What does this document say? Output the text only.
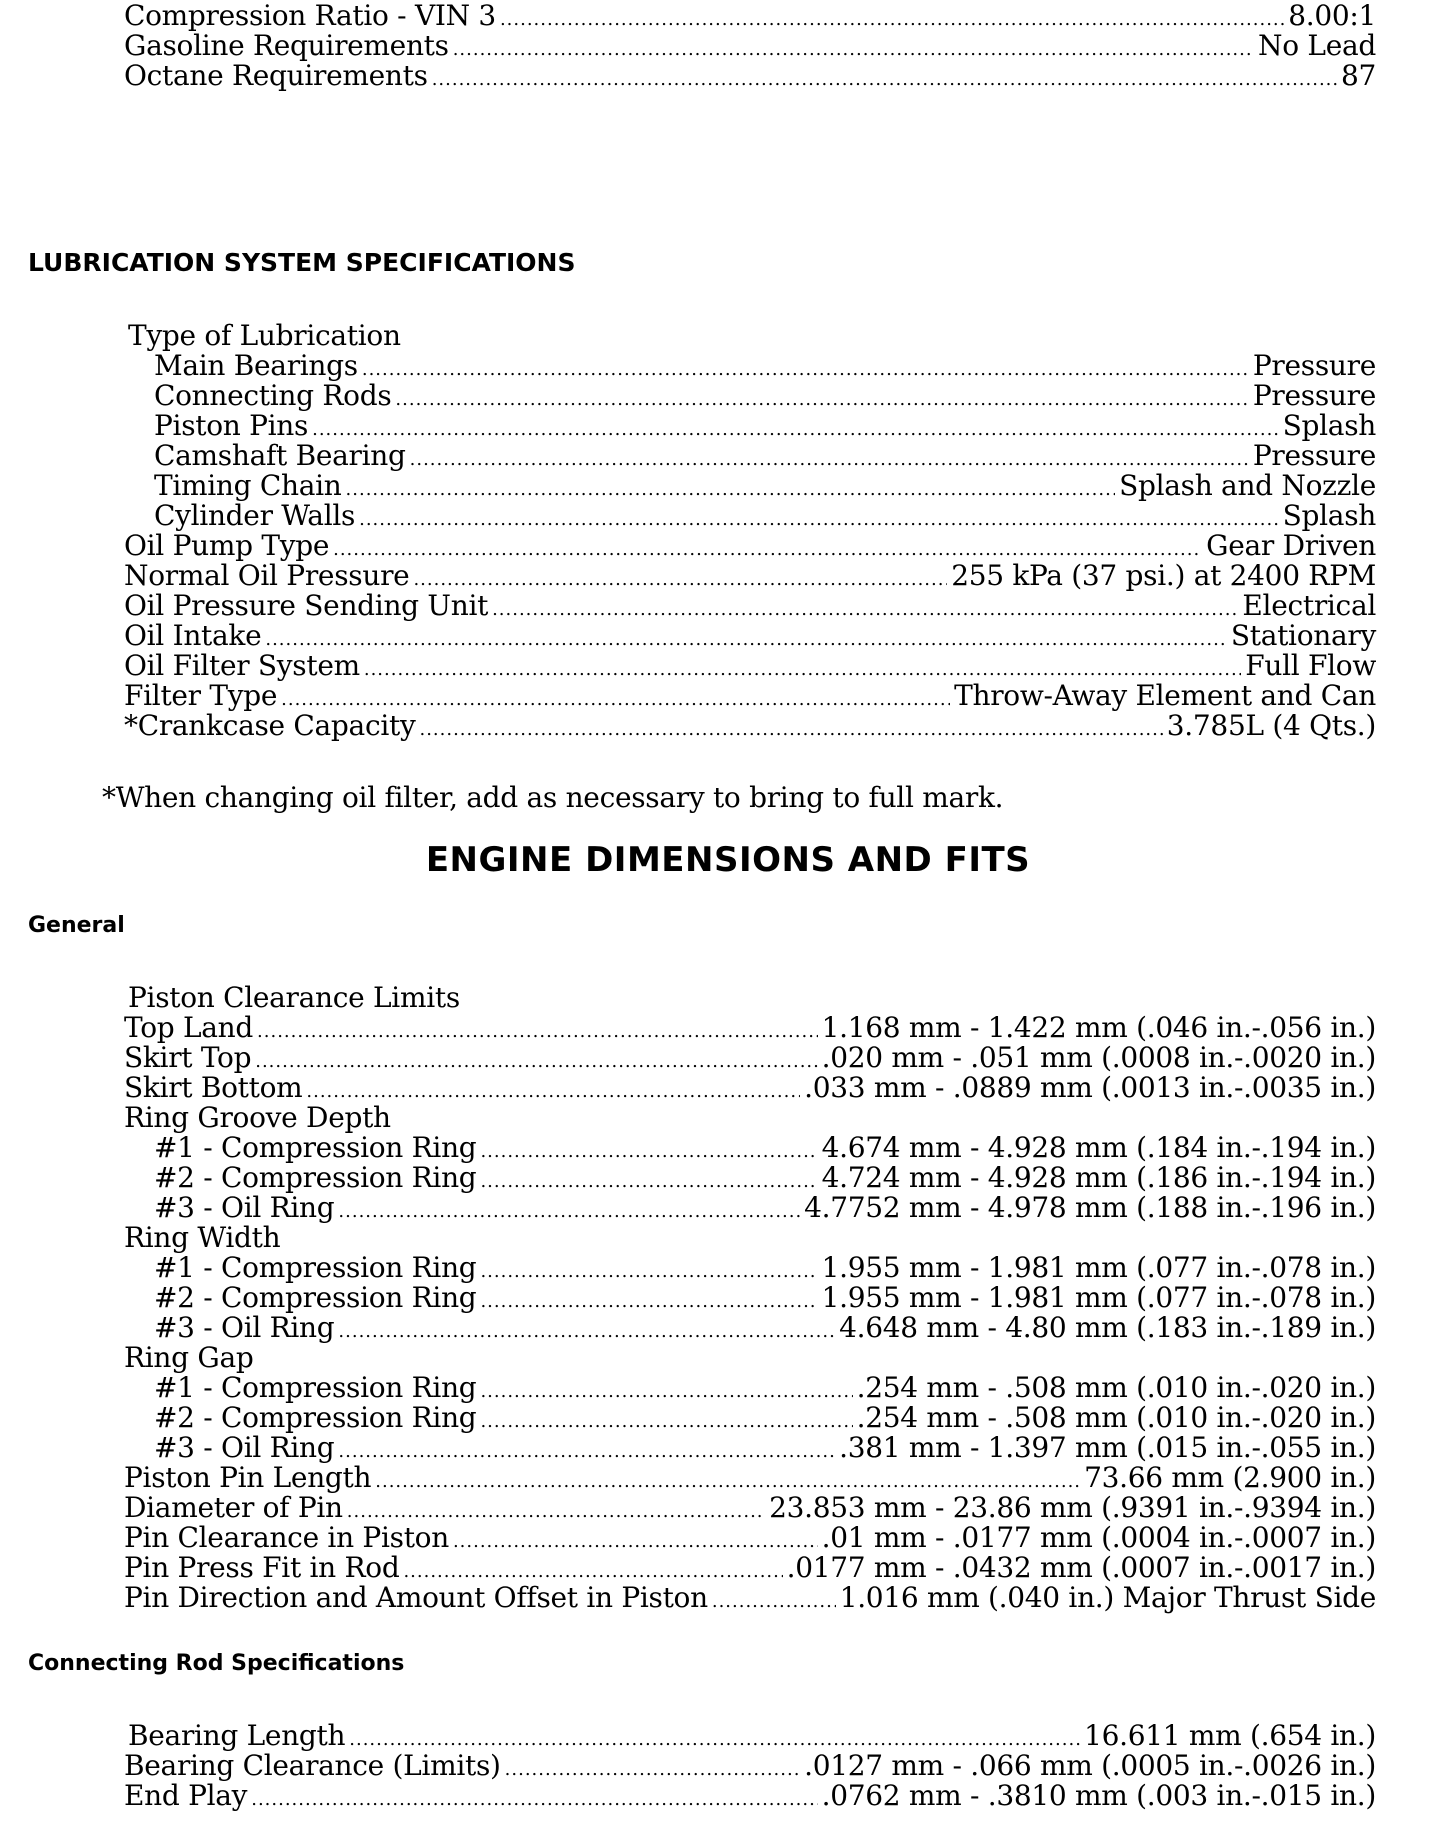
Compression Ratio - VIN 3 .....	8.00:1
Gasoline Requirements .....	No Lead
Octane Requirements .....	87
LUBRICATION SYSTEM SPECIFICATIONS
Type of Lubrication
Main Bearings .....	Pressure
Connecting Rods .....	Pressure
Piston Pins .....	Splash
Camshaft Bearing .....	Pressure
Timing Chain .....	Splash and Nozzle
Cylinder Walls .....	Splash
Oil Pump Type .....	Gear Driven
Normal Oil Pressure .....	255 kPa (37 psi.) at 2400 RPM
Oil Pressure Sending Unit .....	Electrical
Oil Intake .....	Stationary
Oil Filter System .....	Full Flow
Filter Type .....	Throw-Away Element and Can
*Crankcase Capacity .....	3.785L (4 Qts.)
*When changing oil filter, add as necessary to bring to full mark.
ENGINE DIMENSIONS AND FITS
General
Piston Clearance Limits
Top Land .....	1.168 mm - 1.422 mm (.046 in.-.056 in.)
Skirt Top .....	.020 mm - .051 mm (.0008 in.-.0020 in.)
Skirt Bottom .....	.033 mm - .0889 mm (.0013 in.-.0035 in.)
Ring Groove Depth
#1 - Compression Ring .....	4.674 mm - 4.928 mm (.184 in.-.194 in.)
#2 - Compression Ring .....	4.724 mm - 4.928 mm (.186 in.-.194 in.)
#3 - Oil Ring .....	4.7752 mm - 4.978 mm (.188 in.-.196 in.)
Ring Width
#1 - Compression Ring .....	1.955 mm - 1.981 mm (.077 in.-.078 in.)
#2 - Compression Ring .....	1.955 mm - 1.981 mm (.077 in.-.078 in.)
#3 - Oil Ring .....	4.648 mm - 4.80 mm (.183 in.-.189 in.)
Ring Gap
#1 - Compression Ring .....	.254 mm - .508 mm (.010 in.-.020 in.)
#2 - Compression Ring .....	.254 mm - .508 mm (.010 in.-.020 in.)
#3 - Oil Ring .....	.381 mm - 1.397 mm (.015 in.-.055 in.)
Piston Pin Length .....	73.66 mm (2.900 in.)
Diameter of Pin .....	23.853 mm - 23.86 mm (.9391 in.-.9394 in.)
Pin Clearance in Piston .....	.01 mm - .0177 mm (.0004 in.-.0007 in.)
Pin Press Fit in Rod .....	.0177 mm - .0432 mm (.0007 in.-.0017 in.)
Pin Direction and Amount Offset in Piston .....	1.016 mm (.040 in.) Major Thrust Side
Connecting Rod Specifications
Bearing Length .....	16.611 mm (.654 in.)
Bearing Clearance (Limits) .....	.0127 mm - .066 mm (.0005 in.-.0026 in.)
End Play .....	.0762 mm - .3810 mm (.003 in.-.015 in.)
